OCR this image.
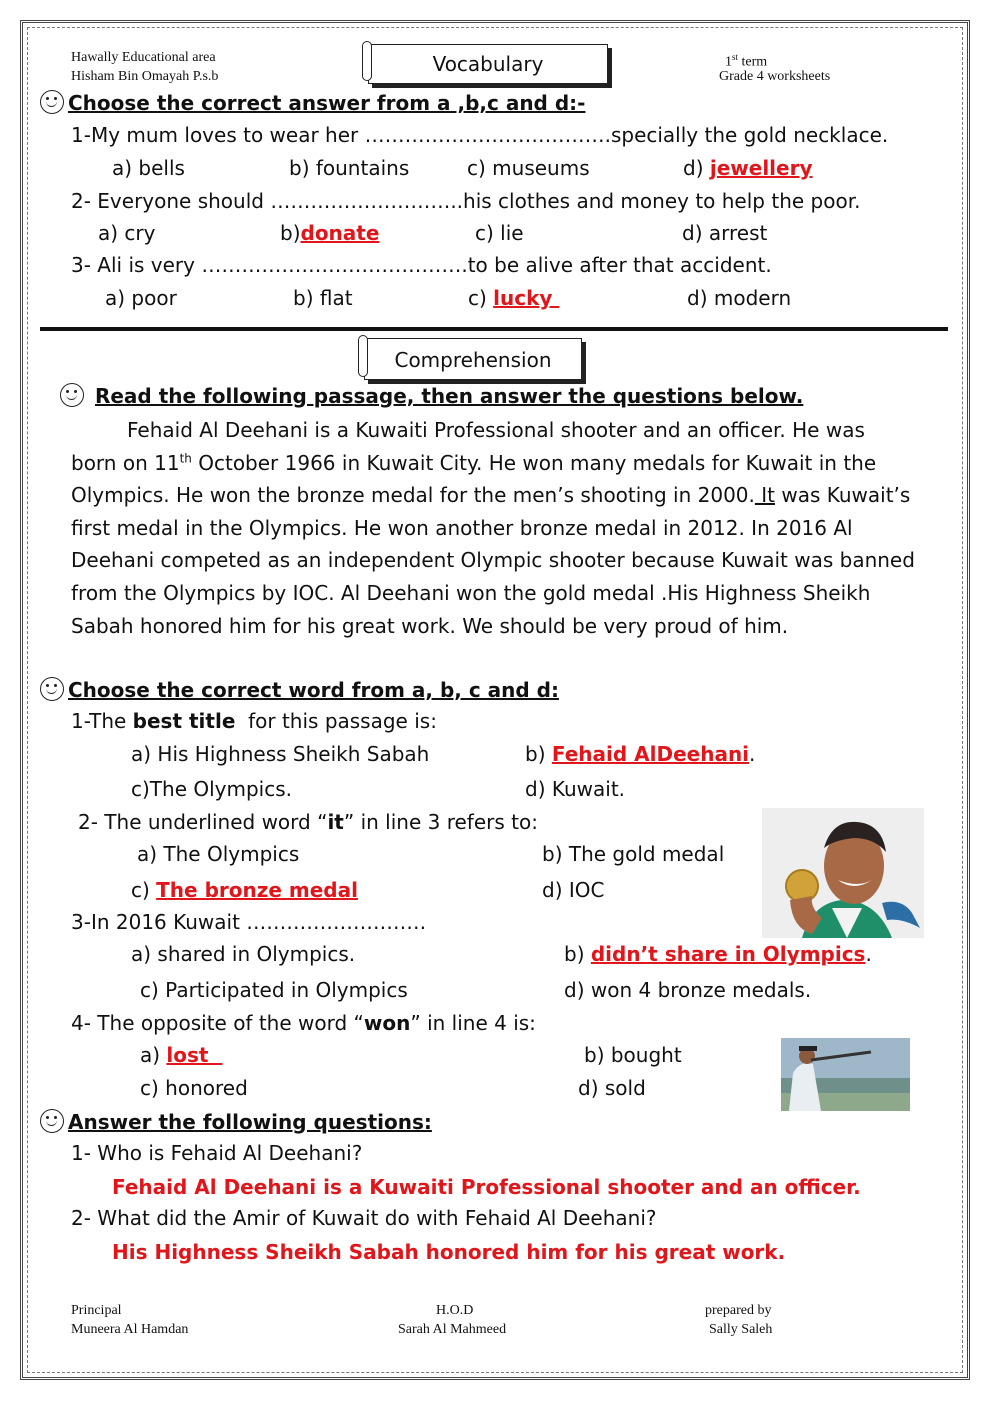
Hawally Educational area
Hisham Bin Omayah P.s.b
1st term
Grade 4 worksheets
Vocabulary
Choose the correct answer from a ,b,c and d:-
1-My mum loves to wear her ……………………………….specially the gold necklace.
a) bells	b) fountains	c) museums	d) jewellery
2- Everyone should ………………………..his clothes and money to help the poor.
a) cry	b)donate	c) lie	d) arrest
3- Ali is very ………………………………….to be alive after that accident.
a) poor	b) flat	c) lucky	d) modern
Comprehension
Read the following passage, then answer the questions below.

Fehaid Al Deehani is a Kuwaiti Professional shooter and an officer. He was born on 11th October 1966 in Kuwait City. He won many medals for Kuwait in the Olympics. He won the bronze medal for the men’s shooting in 2000. It was Kuwait’s first medal in the Olympics. He won another bronze medal in 2012. In 2016 Al Deehani competed as an independent Olympic shooter because Kuwait was banned from the Olympics by IOC. Al Deehani won the gold medal .His Highness Sheikh Sabah honored him for his great work. We should be very proud of him.

Choose the correct word from a, b, c and d:
1-The best title  for this passage is:
a) His Highness Sheikh Sabah	b) Fehaid AlDeehani.
c)The Olympics.	d) Kuwait.
2- The underlined word “it” in line 3 refers to:
a) The Olympics	b) The gold medal
c) The bronze medal	d) IOC
3-In 2016 Kuwait ………………………
a) shared in Olympics.	b) didn’t share in Olympics.
c) Participated in Olympics	d) won 4 bronze medals.
4- The opposite of the word “won” in line 4 is:
a) lost	b) bought
c) honored	d) sold
Answer the following questions:
1- Who is Fehaid Al Deehani?
Fehaid Al Deehani is a Kuwaiti Professional shooter and an officer.
2- What did the Amir of Kuwait do with Fehaid Al Deehani?
His Highness Sheikh Sabah honored him for his great work.
Principal
Muneera Al Hamdan
H.O.D
Sarah Al Mahmeed
prepared by
Sally Saleh
